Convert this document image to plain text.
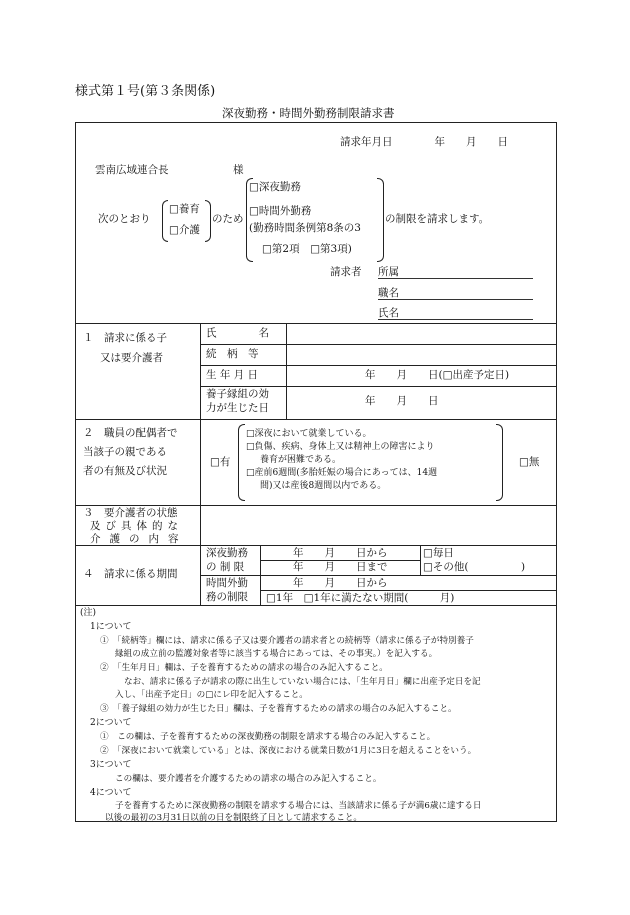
様式第１号(第３条関係)
深夜勤務・時間外勤務制限請求書
請求年月日　　　　年　　月　　日
雲南広域連合長	様
次のとおり
□養育
□介護
のため
□深夜勤務
□時間外勤務
(勤務時間条例第8条の3
□第2項　□第3項)
の制限を請求します。
請求者 所属
職名
氏名
１　請求に係る子
又は要介護者
氏　　　　名
続　柄　等
生 年 月 日	年　　月　　日(□出産予定日)
養子縁組の効
力が生じた日
年　　月　　日
２　職員の配偶者で
当該子の親である
者の有無及び状況
□有
□深夜において就業している。
□負傷、疾病、身体上又は精神上の障害により
養育が困難である。
□産前6週間(多胎妊娠の場合にあっては、14週
間)又は産後8週間以内である。
□無
３　要介護者の状態
及び具体的な
介護の内容
４　請求に係る期間
深夜勤務
の 制 限
年　　月　　日から
年　　月　　日まで
□毎日
□その他(　　　　　)
時間外勤
務の制限
年　　月　　日から
□1年　□1年に満たない期間(　　　月)
(注)
1について
①　「続柄等」欄には、請求に係る子又は要介護者の請求者との続柄等（請求に係る子が特別養子
縁組の成立前の監護対象者等に該当する場合にあっては、その事実。）を記入する。
②　「生年月日」欄は、子を養育するための請求の場合のみ記入すること。
なお、請求に係る子が請求の際に出生していない場合には、「生年月日」欄に出産予定日を記
入し、「出産予定日」の□にレ印を記入すること。
③　「養子縁組の効力が生じた日」欄は、子を養育するための請求の場合のみ記入すること。
2について
①　この欄は、子を養育するための深夜勤務の制限を請求する場合のみ記入すること。
②　「深夜において就業している」とは、深夜における就業日数が1月に3日を超えることをいう。
3について
この欄は、要介護者を介護するための請求の場合のみ記入すること。
4について
子を養育するために深夜勤務の制限を請求する場合には、当該請求に係る子が満6歳に達する日
以後の最初の3月31日以前の日を制限終了日として請求すること。
